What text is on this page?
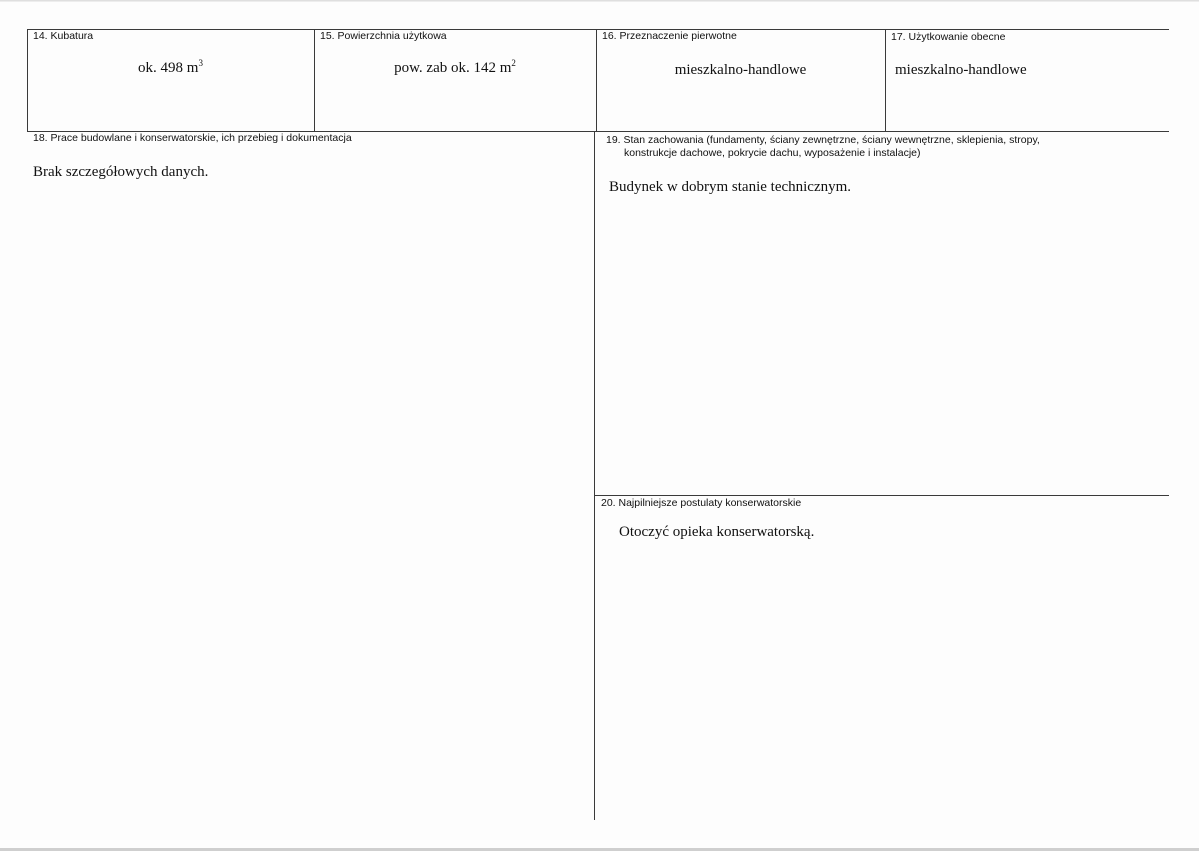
14. Kubatura
ok. 498 $m^3$
15. Powierzchnia użytkowa
pow. zab ok. 142 $m^2$
16. Przeznaczenie pierwotne
mieszkalno-handlowe
17. Użytkowanie obecne
mieszkalno-handlowe
18. Prace budowlane i konserwatorskie, ich przebieg i dokumentacja
Brak szczegółowych danych.
19. Stan zachowania (fundamenty, ściany zewnętrzne, ściany wewnętrzne, sklepienia, stropy,
konstrukcje dachowe, pokrycie dachu, wyposażenie i instalacje)
Budynek w dobrym stanie technicznym.
20. Najpilniejsze postulaty konserwatorskie
Otoczyć opieka konserwatorską.
